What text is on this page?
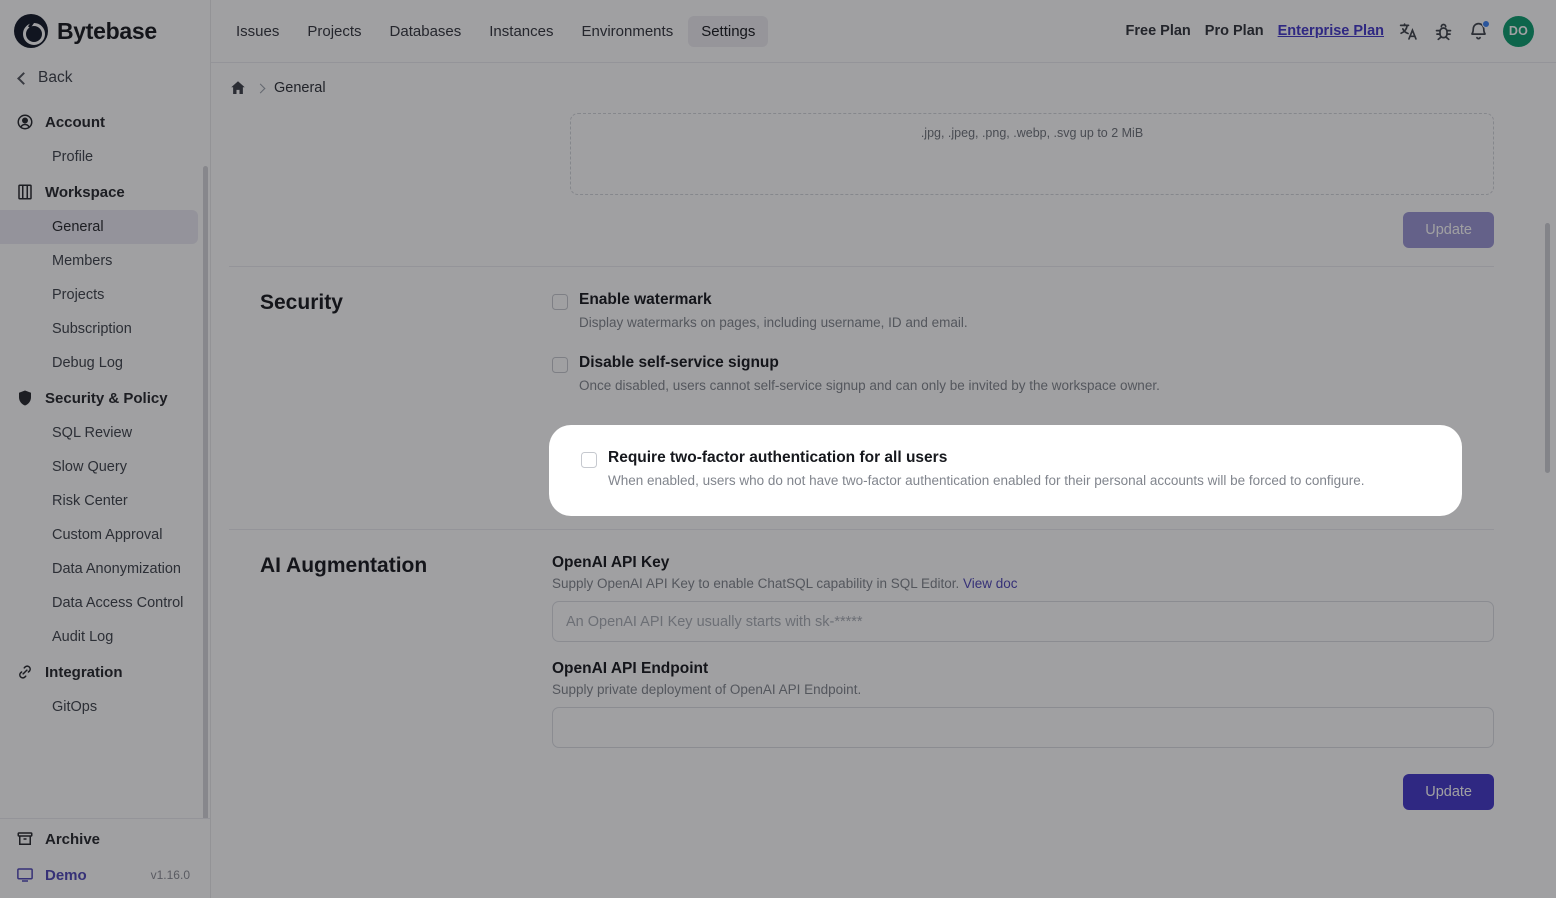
Bytebase
Back
Account
Profile
Workspace
General
Members
Projects
Subscription
Debug Log
Security & Policy
SQL Review
Slow Query
Risk Center
Custom Approval
Data Anonymization
Data Access Control
Audit Log
Integration
GitOps
Archive
Demo	v1.16.0
Issues	Projects	Databases	Instances	Environments	Settings	Free Plan Pro Plan Enterprise Plan	DO
General
.jpg, .jpeg, .png, .webp, .svg up to 2 MiB
Update
Security	Enable watermark
Display watermarks on pages, including username, ID and email.
Disable self-service signup
Once disabled, users cannot self-service signup and can only be invited by the workspace owner.
AI Augmentation	OpenAI API Key
Supply OpenAI API Key to enable ChatSQL capability in SQL Editor. View doc
An OpenAI API Key usually starts with sk-*****
OpenAI API Endpoint
Supply private deployment of OpenAI API Endpoint.
Update
Require two-factor authentication for all users
When enabled, users who do not have two-factor authentication enabled for their personal accounts will be forced to configure.
